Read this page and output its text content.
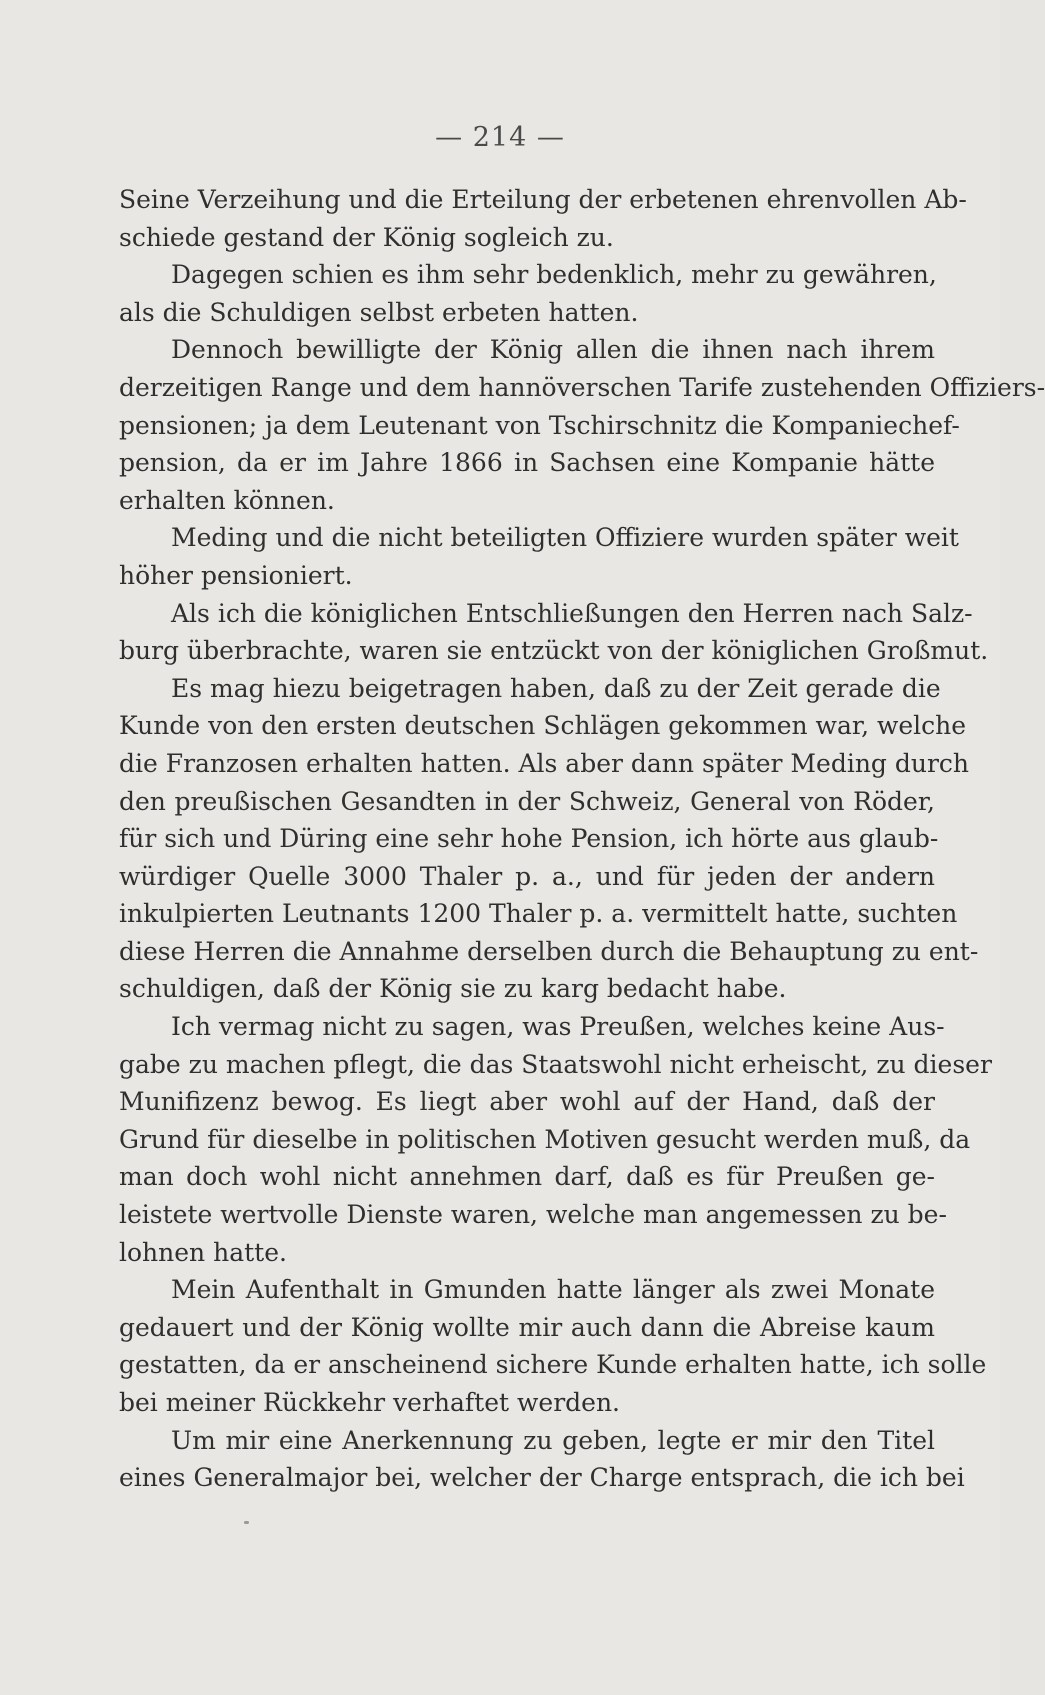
— 214 —
Seine Verzeihung und die Erteilung der erbetenen ehrenvollen Ab-
schiede gestand der König sogleich zu.
Dagegen schien es ihm sehr bedenklich, mehr zu gewähren,
als die Schuldigen selbst erbeten hatten.
Dennoch bewilligte der König allen die ihnen nach ihrem
derzeitigen Range und dem hannöverschen Tarife zustehenden Offiziers-
pensionen; ja dem Leutenant von Tschirschnitz die Kompaniechef-
pension, da er im Jahre 1866 in Sachsen eine Kompanie hätte
erhalten können.
Meding und die nicht beteiligten Offiziere wurden später weit
höher pensioniert.
Als ich die königlichen Entschließungen den Herren nach Salz-
burg überbrachte, waren sie entzückt von der königlichen Großmut.
Es mag hiezu beigetragen haben, daß zu der Zeit gerade die
Kunde von den ersten deutschen Schlägen gekommen war, welche
die Franzosen erhalten hatten. Als aber dann später Meding durch
den preußischen Gesandten in der Schweiz, General von Röder,
für sich und Düring eine sehr hohe Pension, ich hörte aus glaub-
würdiger Quelle 3000 Thaler p. a., und für jeden der andern
inkulpierten Leutnants 1200 Thaler p. a. vermittelt hatte, suchten
diese Herren die Annahme derselben durch die Behauptung zu ent-
schuldigen, daß der König sie zu karg bedacht habe.
Ich vermag nicht zu sagen, was Preußen, welches keine Aus-
gabe zu machen pflegt, die das Staatswohl nicht erheischt, zu dieser
Munifizenz bewog. Es liegt aber wohl auf der Hand, daß der
Grund für dieselbe in politischen Motiven gesucht werden muß, da
man doch wohl nicht annehmen darf, daß es für Preußen ge-
leistete wertvolle Dienste waren, welche man angemessen zu be-
lohnen hatte.
Mein Aufenthalt in Gmunden hatte länger als zwei Monate
gedauert und der König wollte mir auch dann die Abreise kaum
gestatten, da er anscheinend sichere Kunde erhalten hatte, ich solle
bei meiner Rückkehr verhaftet werden.
Um mir eine Anerkennung zu geben, legte er mir den Titel
eines Generalmajor bei, welcher der Charge entsprach, die ich bei
